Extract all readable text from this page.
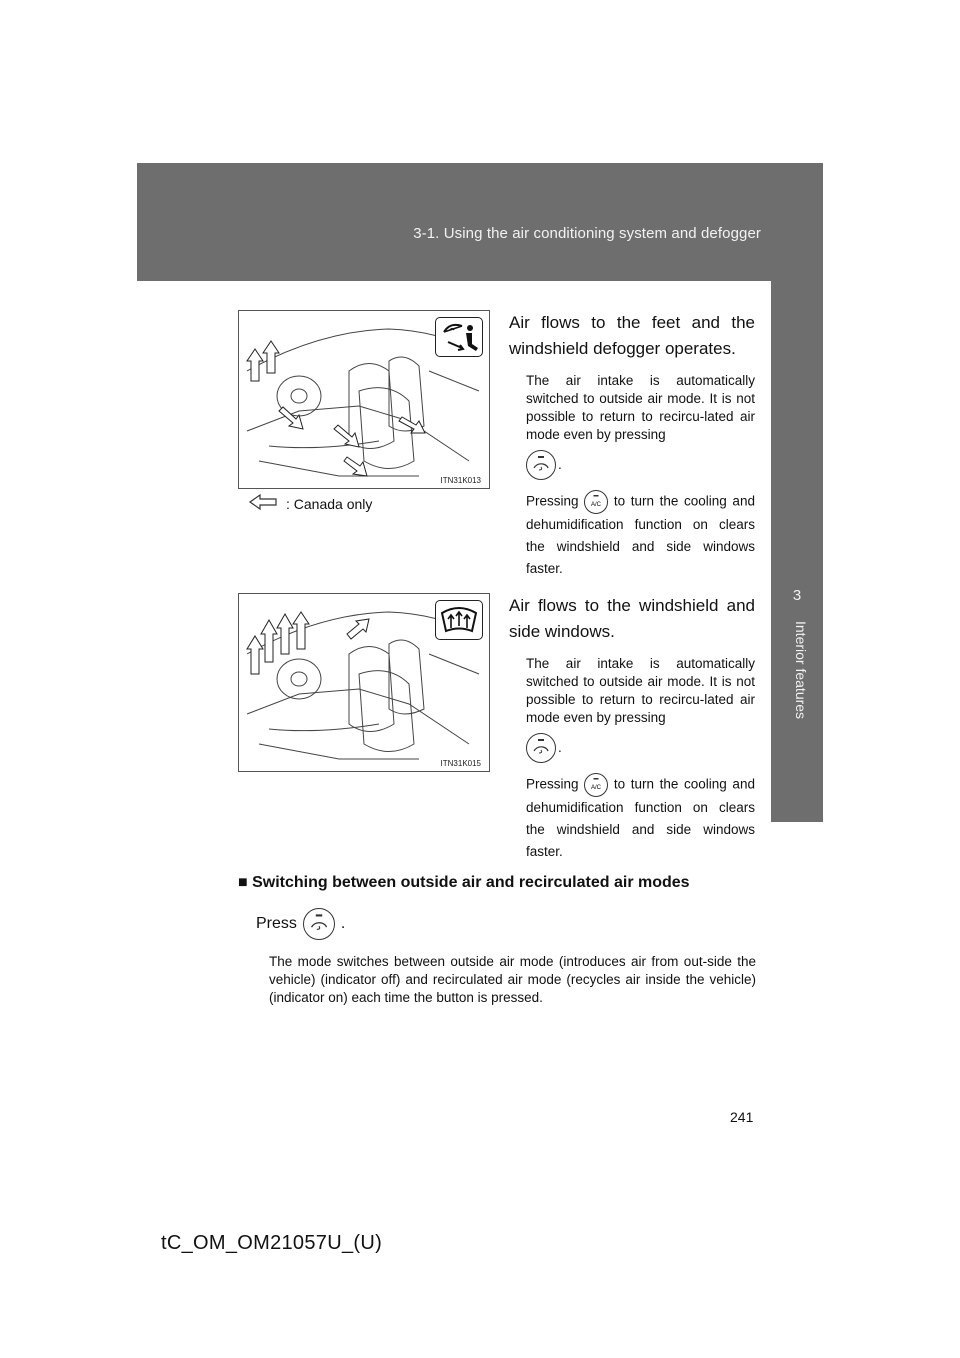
3-1. Using the air conditioning system and defogger
3
Interior features
ITN31K013
: Canada only
Air flows to the feet and the windshield defogger operates.
The air intake is automatically switched to outside air mode. It is not possible to return to recircu-lated air mode even by pressing
.
Pressing A/C to turn the cooling and dehumidification function on clears the windshield and side windows faster.
ITN31K015
Air flows to the windshield and side windows.
The air intake is automatically switched to outside air mode. It is not possible to return to recircu-lated air mode even by pressing
.
Pressing A/C to turn the cooling and dehumidification function on clears the windshield and side windows faster.
■ Switching between outside air and recirculated air modes
Press	.
The mode switches between outside air mode (introduces air from out-side the vehicle) (indicator off) and recirculated air mode (recycles air inside the vehicle) (indicator on) each time the button is pressed.
241
tC_OM_OM21057U_(U)
